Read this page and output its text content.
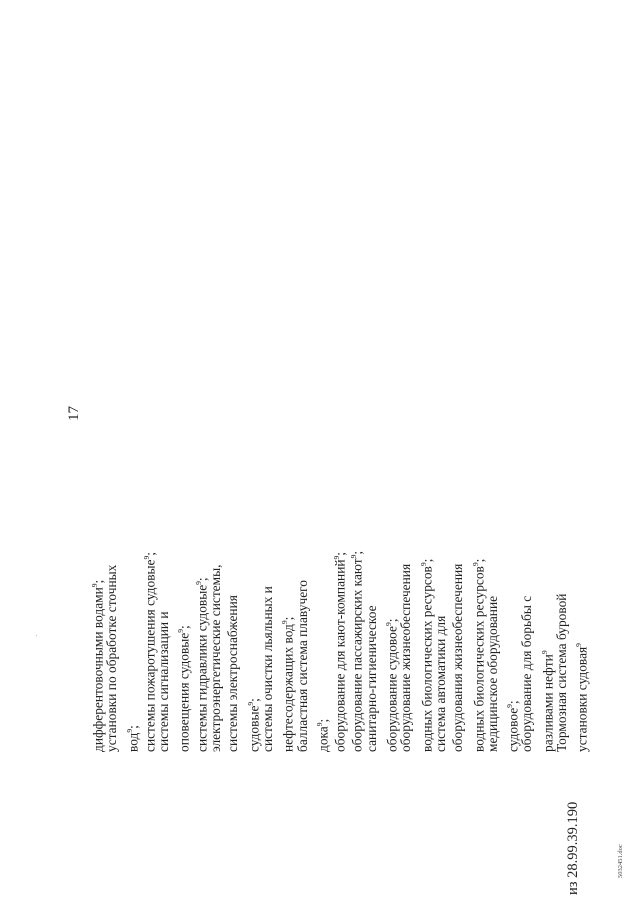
17
из 28.99.39.190
дифферентовочными водами$^9$;
установки по обработке сточных вод$^9$; системы пожаротушения судовые$^9$;
системы сигнализации и оповещения судовые$^9$; системы гидравлики судовые$^9$;
электроэнергетические системы, системы электроснабжения судовые$^9$;
системы очистки льяльных и нефтесодержащих вод$^9$;
балластная система плавучего дока$^9$; оборудование для кают-компаний$^9$;
оборудование пассажирских кают$^9$;
санитарно-гигиеническое оборудование судовое$^9$;
оборудование жизнеобеспечения водных биологических ресурсов$^9$;
система автоматики для оборудования жизнеобеспечения водных биологических ресурсов$^9$;
медицинское оборудование судовое$^9$;
оборудование для борьбы с разливами нефти$^9$ Тормозная система буровой установки судовая$^9$
5032451.doc
